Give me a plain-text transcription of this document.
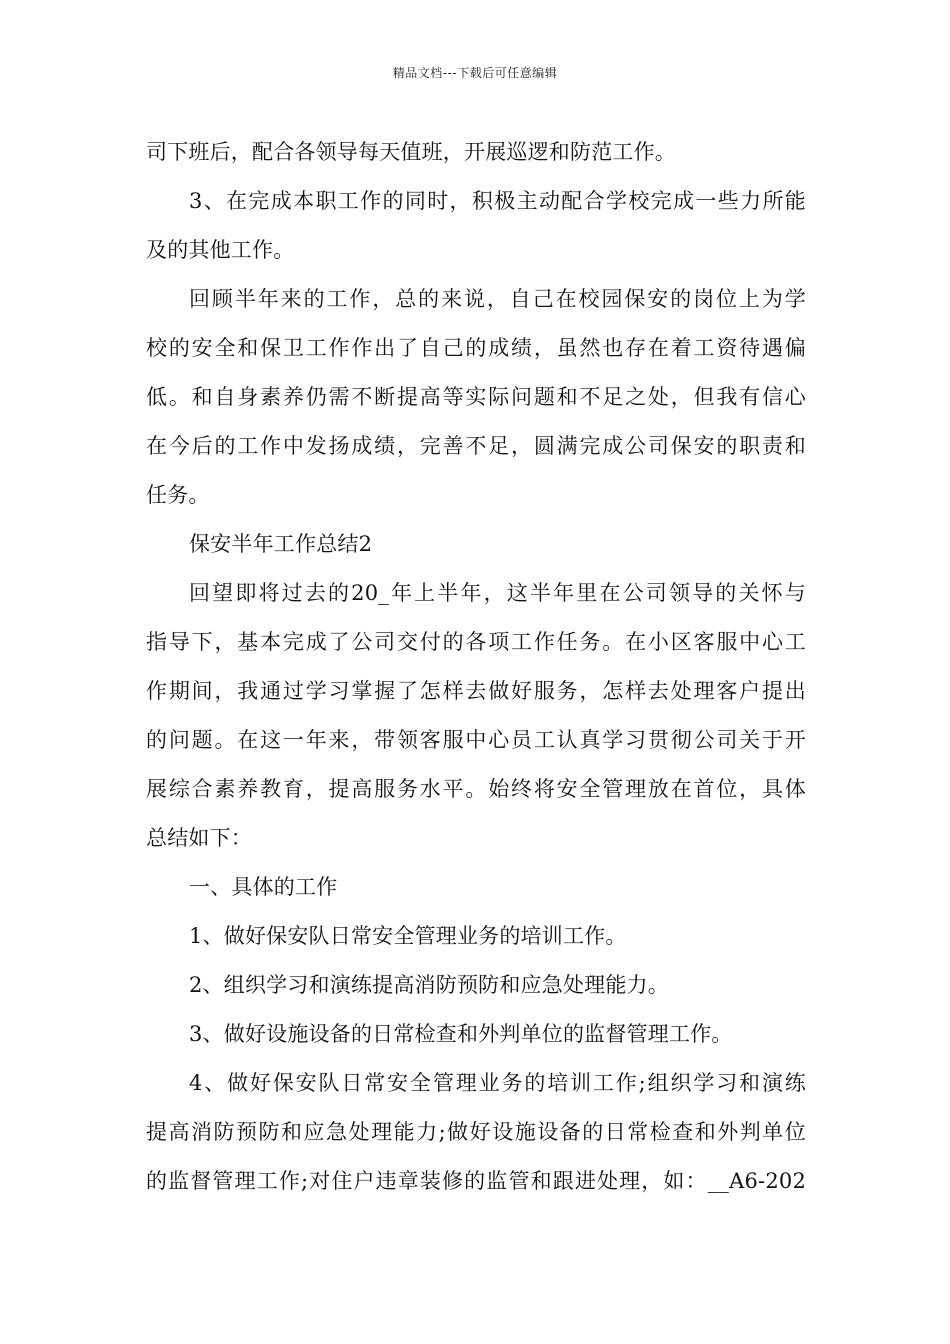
精品文档---下载后可任意编辑
司下班后，配合各领导每天值班，开展巡逻和防范工作。
3、在完成本职工作的同时，积极主动配合学校完成一些力所能
及的其他工作。
回顾半年来的工作，总的来说，自己在校园保安的岗位上为学
校的安全和保卫工作作出了自己的成绩，虽然也存在着工资待遇偏
低。和自身素养仍需不断提高等实际问题和不足之处，但我有信心
在今后的工作中发扬成绩，完善不足，圆满完成公司保安的职责和
任务。
保安半年工作总结2
回望即将过去的20_年上半年，这半年里在公司领导的关怀与
指导下，基本完成了公司交付的各项工作任务。在小区客服中心工
作期间，我通过学习掌握了怎样去做好服务，怎样去处理客户提出
的问题。在这一年来，带领客服中心员工认真学习贯彻公司关于开
展综合素养教育，提高服务水平。始终将安全管理放在首位，具体
总结如下：
一、具体的工作
1、做好保安队日常安全管理业务的培训工作。
2、组织学习和演练提高消防预防和应急处理能力。
3、做好设施设备的日常检查和外判单位的监督管理工作。
4、做好保安队日常安全管理业务的培训工作;组织学习和演练
提高消防预防和应急处理能力;做好设施设备的日常检查和外判单位
的监督管理工作;对住户违章装修的监管和跟进处理，如：__A6-202
